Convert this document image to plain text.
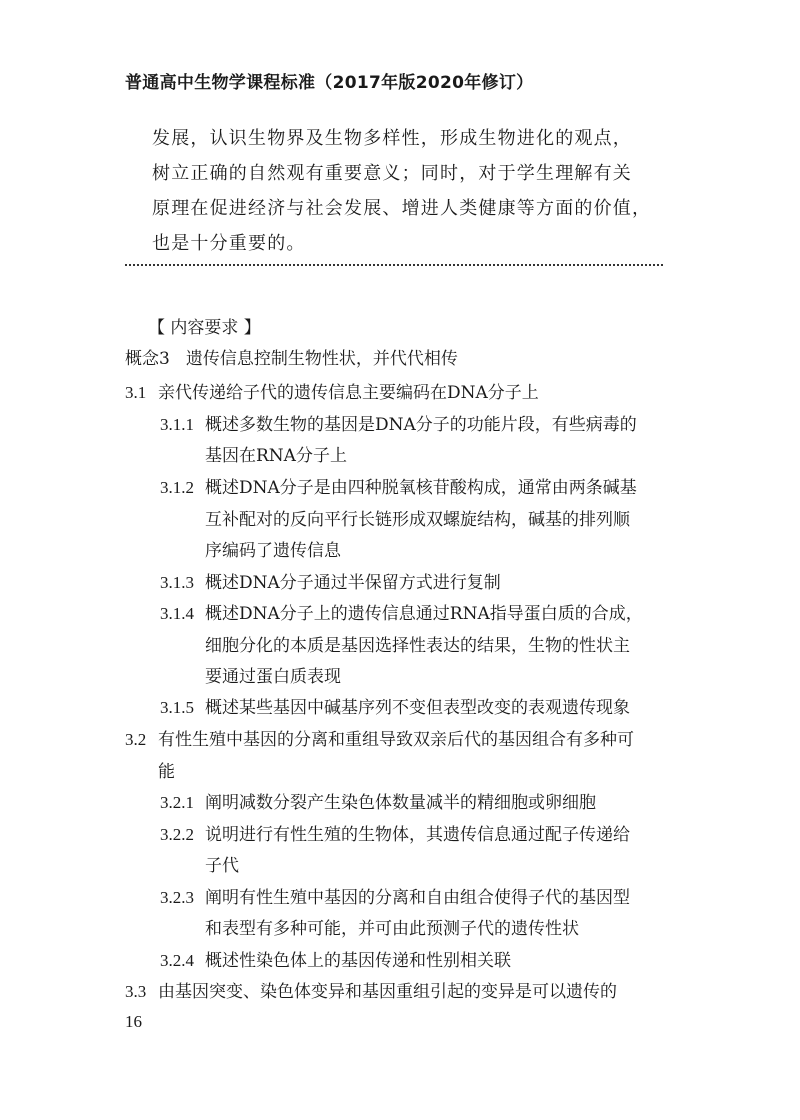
普通高中生物学课程标准（2017年版2020年修订）
发展，认识生物界及生物多样性，形成生物进化的观点，
树立正确的自然观有重要意义；同时，对于学生理解有关
原理在促进经济与社会发展、增进人类健康等方面的价值，
也是十分重要的。
【 内容要求 】
概念3 遗传信息控制生物性状，并代代相传
3.1 亲代传递给子代的遗传信息主要编码在DNA分子上
3.1.1 概述多数生物的基因是DNA分子的功能片段，有些病毒的
基因在RNA分子上
3.1.2 概述DNA分子是由四种脱氧核苷酸构成，通常由两条碱基
互补配对的反向平行长链形成双螺旋结构，碱基的排列顺
序编码了遗传信息
3.1.3 概述DNA分子通过半保留方式进行复制
3.1.4 概述DNA分子上的遗传信息通过RNA指导蛋白质的合成，
细胞分化的本质是基因选择性表达的结果，生物的性状主
要通过蛋白质表现
3.1.5 概述某些基因中碱基序列不变但表型改变的表观遗传现象
3.2 有性生殖中基因的分离和重组导致双亲后代的基因组合有多种可
能
3.2.1 阐明减数分裂产生染色体数量减半的精细胞或卵细胞
3.2.2 说明进行有性生殖的生物体，其遗传信息通过配子传递给
子代
3.2.3 阐明有性生殖中基因的分离和自由组合使得子代的基因型
和表型有多种可能，并可由此预测子代的遗传性状
3.2.4 概述性染色体上的基因传递和性别相关联
3.3 由基因突变、染色体变异和基因重组引起的变异是可以遗传的
16
